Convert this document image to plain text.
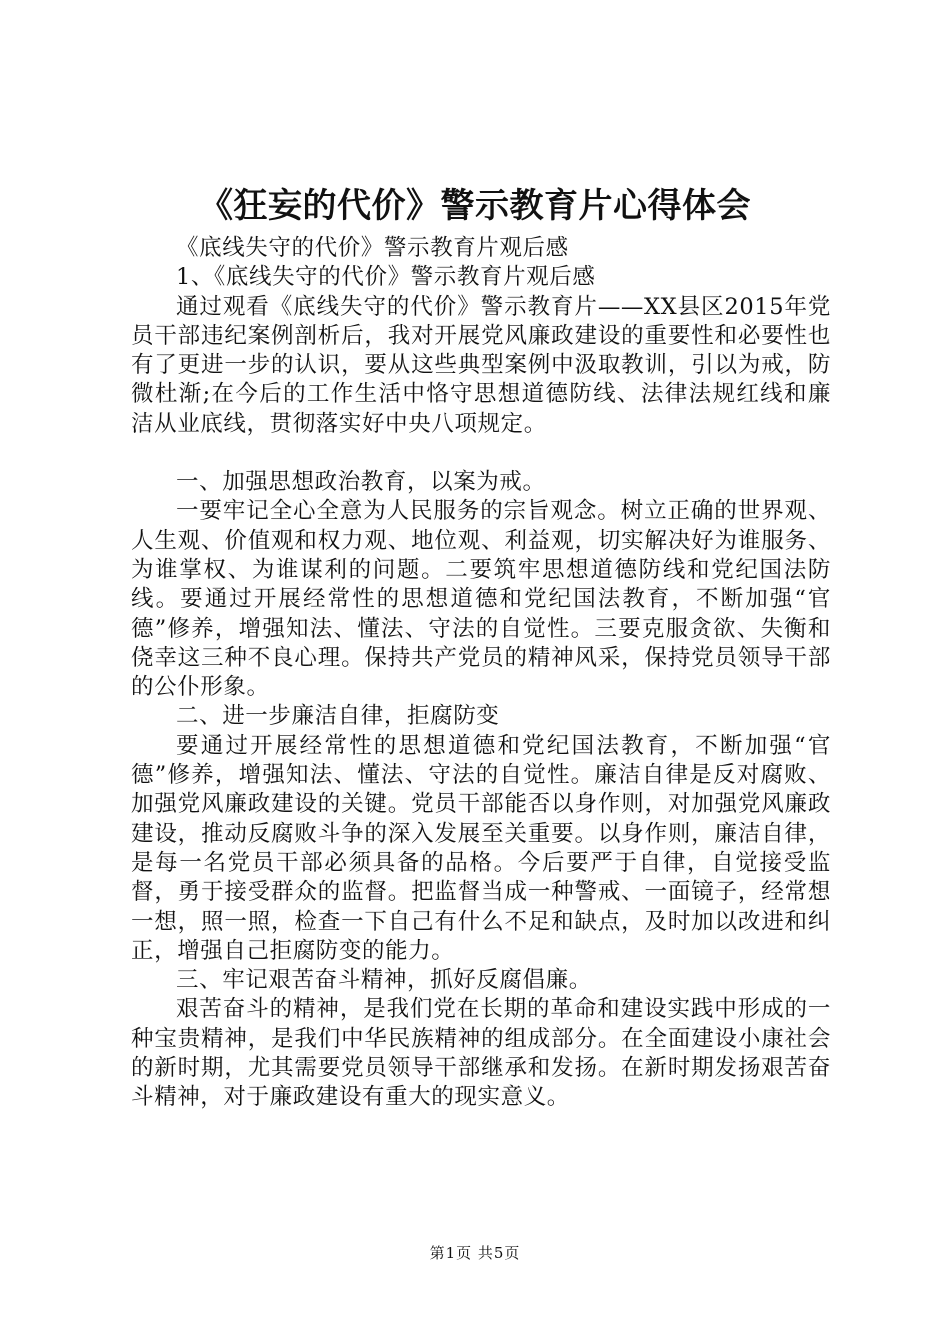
《狂妄的代价》警示教育片心得体会

《底线失守的代价》警示教育片观后感

1、《底线失守的代价》警示教育片观后感

通过观看《底线失守的代价》警示教育片——XX县区2015年党员干部违纪案例剖析后，我对开展党风廉政建设的重要性和必要性也有了更进一步的认识，要从这些典型案例中汲取教训，引以为戒，防微杜渐;在今后的工作生活中恪守思想道德防线、法律法规红线和廉洁从业底线，贯彻落实好中央八项规定。

一、加强思想政治教育，以案为戒。

一要牢记全心全意为人民服务的宗旨观念。树立正确的世界观、人生观、价值观和权力观、地位观、利益观，切实解决好为谁服务、为谁掌权、为谁谋利的问题。二要筑牢思想道德防线和党纪国法防线。要通过开展经常性的思想道德和党纪国法教育，不断加强“官德”修养，增强知法、懂法、守法的自觉性。三要克服贪欲、失衡和侥幸这三种不良心理。保持共产党员的精神风采，保持党员领导干部的公仆形象。

二、进一步廉洁自律，拒腐防变

要通过开展经常性的思想道德和党纪国法教育，不断加强“官德”修养，增强知法、懂法、守法的自觉性。廉洁自律是反对腐败、加强党风廉政建设的关键。党员干部能否以身作则，对加强党风廉政建设，推动反腐败斗争的深入发展至关重要。以身作则，廉洁自律，是每一名党员干部必须具备的品格。今后要严于自律，自觉接受监督，勇于接受群众的监督。把监督当成一种警戒、一面镜子，经常想一想，照一照，检查一下自己有什么不足和缺点，及时加以改进和纠正，增强自己拒腐防变的能力。

三、牢记艰苦奋斗精神，抓好反腐倡廉。

艰苦奋斗的精神，是我们党在长期的革命和建设实践中形成的一种宝贵精神，是我们中华民族精神的组成部分。在全面建设小康社会的新时期，尤其需要党员领导干部继承和发扬。在新时期发扬艰苦奋斗精神，对于廉政建设有重大的现实意义。

第1页 共5页
